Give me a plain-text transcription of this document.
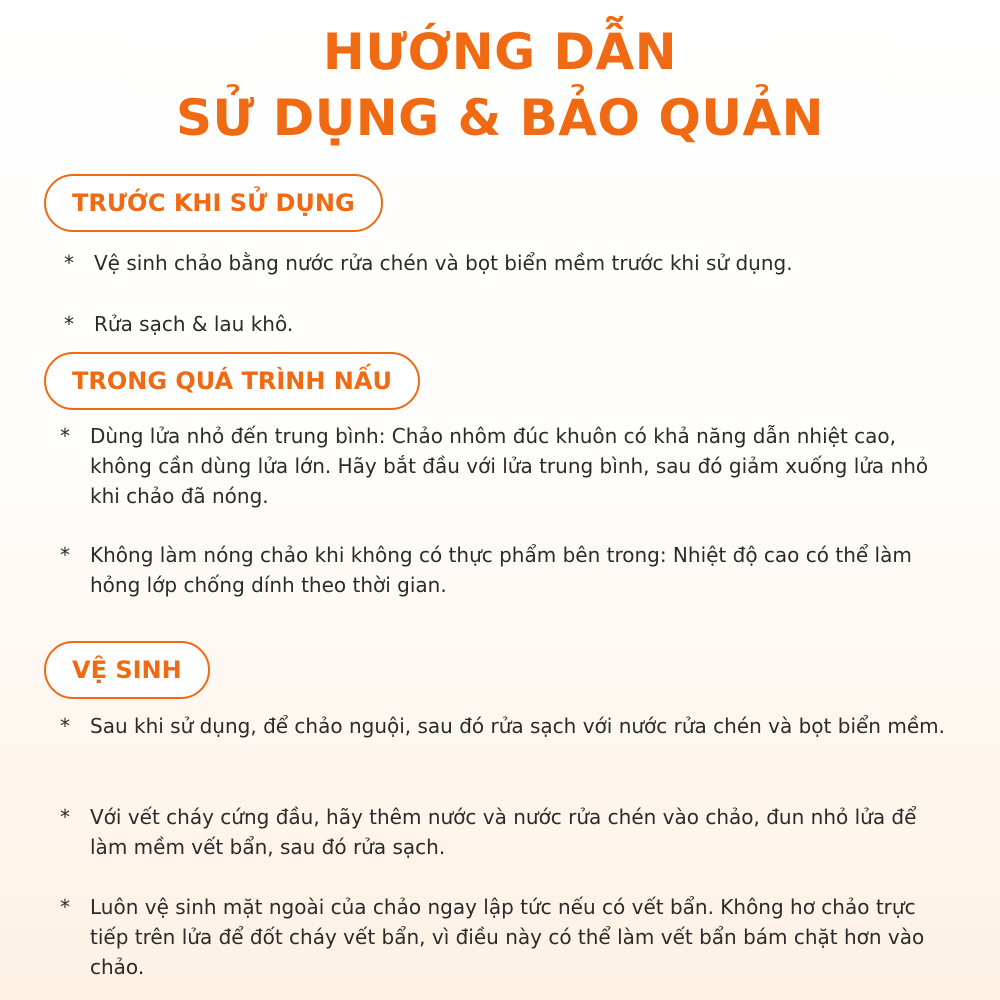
HƯỚNG DẪN
SỬ DỤNG & BẢO QUẢN
TRƯỚC KHI SỬ DỤNG
*	Vệ sinh chảo bằng nước rửa chén và bọt biển mềm trước khi sử dụng.
*	Rửa sạch & lau khô.
TRONG QUÁ TRÌNH NẤU
*	Dùng lửa nhỏ đến trung bình: Chảo nhôm đúc khuôn có khả năng dẫn nhiệt cao, không cần dùng lửa lớn. Hãy bắt đầu với lửa trung bình, sau đó giảm xuống lửa nhỏ khi chảo đã nóng.
*	Không làm nóng chảo khi không có thực phẩm bên trong: Nhiệt độ cao có thể làm hỏng lớp chống dính theo thời gian.
VỆ SINH
*	Sau khi sử dụng, để chảo nguội, sau đó rửa sạch với nước rửa chén và bọt biển mềm.
*	Với vết cháy cứng đầu, hãy thêm nước và nước rửa chén vào chảo, đun nhỏ lửa để làm mềm vết bẩn, sau đó rửa sạch.
*	Luôn vệ sinh mặt ngoài của chảo ngay lập tức nếu có vết bẩn. Không hơ chảo trực tiếp trên lửa để đốt cháy vết bẩn, vì điều này có thể làm vết bẩn bám chặt hơn vào chảo.
